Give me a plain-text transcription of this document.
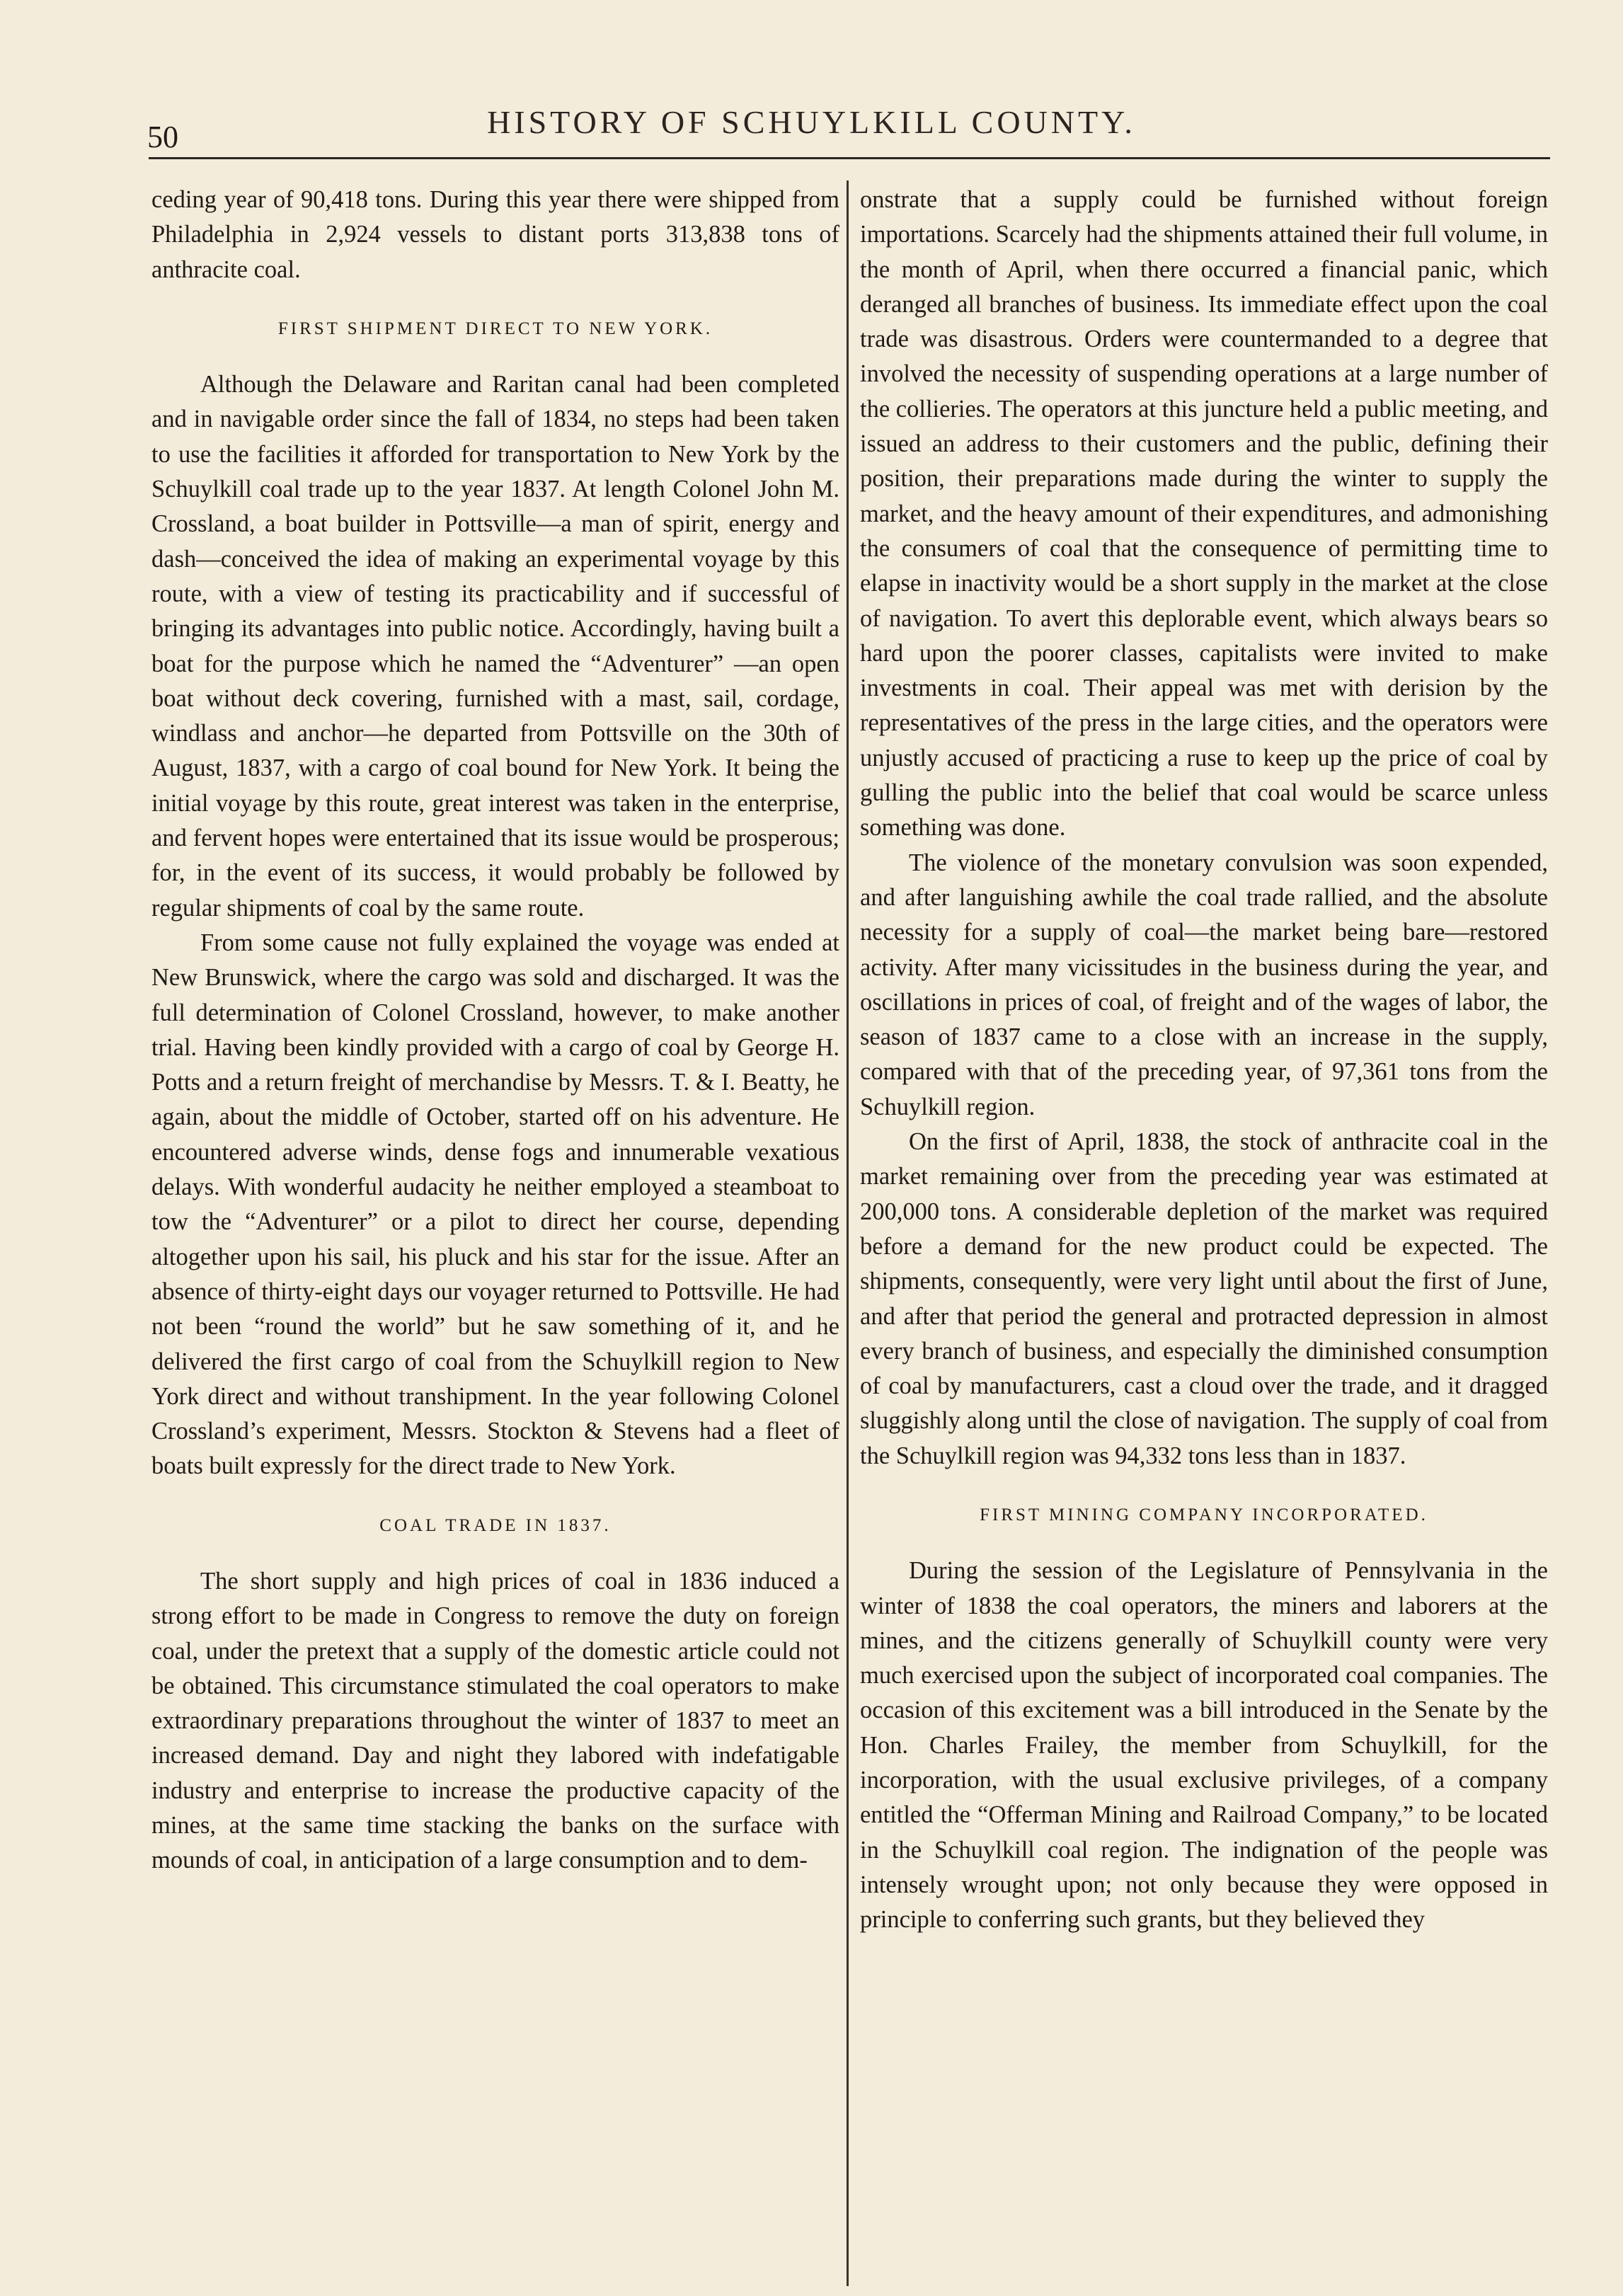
50	HISTORY OF SCHUYLKILL COUNTY.

ceding year of 90,418 tons. During this year there were shipped from Philadelphia in 2,924 vessels to distant ports 313,838 tons of anthracite coal.

FIRST SHIPMENT DIRECT TO NEW YORK.

Although the Delaware and Raritan canal had been completed and in navigable order since the fall of 1834, no steps had been taken to use the facilities it afforded for transportation to New York by the Schuylkill coal trade up to the year 1837. At length Colonel John M. Crossland, a boat builder in Pottsville—a man of spirit, energy and dash—conceived the idea of making an experimental voyage by this route, with a view of testing its practicability and if successful of bringing its advantages into public notice. Accordingly, having built a boat for the purpose which he named the “Adventurer” —an open boat without deck covering, furnished with a mast, sail, cordage, windlass and anchor—he departed from Pottsville on the 30th of August, 1837, with a cargo of coal bound for New York. It being the initial voyage by this route, great interest was taken in the enterprise, and fervent hopes were entertained that its issue would be prosperous; for, in the event of its success, it would probably be followed by regular shipments of coal by the same route.

From some cause not fully explained the voyage was ended at New Brunswick, where the cargo was sold and discharged. It was the full determination of Colonel Crossland, however, to make another trial. Having been kindly provided with a cargo of coal by George H. Potts and a return freight of merchandise by Messrs. T. & I. Beatty, he again, about the middle of October, started off on his adventure. He encountered adverse winds, dense fogs and innumerable vexatious delays. With wonderful audacity he neither employed a steamboat to tow the “Adventurer” or a pilot to direct her course, depending altogether upon his sail, his pluck and his star for the issue. After an absence of thirty-eight days our voyager returned to Pottsville. He had not been “round the world” but he saw something of it, and he delivered the first cargo of coal from the Schuylkill region to New York direct and without transhipment. In the year following Colonel Crossland’s experiment, Messrs. Stockton & Stevens had a fleet of boats built expressly for the direct trade to New York.

COAL TRADE IN 1837.

The short supply and high prices of coal in 1836 induced a strong effort to be made in Congress to remove the duty on foreign coal, under the pretext that a supply of the domestic article could not be obtained. This circumstance stimulated the coal operators to make extraordinary preparations throughout the winter of 1837 to meet an increased demand. Day and night they labored with indefatigable industry and enterprise to increase the productive capacity of the mines, at the same time stacking the banks on the surface with mounds of coal, in anticipation of a large consumption and to dem-

onstrate that a supply could be furnished without foreign importations. Scarcely had the shipments attained their full volume, in the month of April, when there occurred a financial panic, which deranged all branches of business. Its immediate effect upon the coal trade was disastrous. Orders were countermanded to a degree that involved the necessity of suspending operations at a large number of the collieries. The operators at this juncture held a public meeting, and issued an address to their customers and the public, defining their position, their preparations made during the winter to supply the market, and the heavy amount of their expenditures, and admonishing the consumers of coal that the consequence of permitting time to elapse in inactivity would be a short supply in the market at the close of navigation. To avert this deplorable event, which always bears so hard upon the poorer classes, capitalists were invited to make investments in coal. Their appeal was met with derision by the representatives of the press in the large cities, and the operators were unjustly accused of practicing a ruse to keep up the price of coal by gulling the public into the belief that coal would be scarce unless something was done.

The violence of the monetary convulsion was soon expended, and after languishing awhile the coal trade rallied, and the absolute necessity for a supply of coal—the market being bare—restored activity. After many vicissitudes in the business during the year, and oscillations in prices of coal, of freight and of the wages of labor, the season of 1837 came to a close with an increase in the supply, compared with that of the preceding year, of 97,361 tons from the Schuylkill region.

On the first of April, 1838, the stock of anthracite coal in the market remaining over from the preceding year was estimated at 200,000 tons. A considerable depletion of the market was required before a demand for the new product could be expected. The shipments, consequently, were very light until about the first of June, and after that period the general and protracted depression in almost every branch of business, and especially the diminished consumption of coal by manufacturers, cast a cloud over the trade, and it dragged sluggishly along until the close of navigation. The supply of coal from the Schuylkill region was 94,332 tons less than in 1837.

FIRST MINING COMPANY INCORPORATED.

During the session of the Legislature of Pennsylvania in the winter of 1838 the coal operators, the miners and laborers at the mines, and the citizens generally of Schuylkill county were very much exercised upon the subject of incorporated coal companies. The occasion of this excitement was a bill introduced in the Senate by the Hon. Charles Frailey, the member from Schuylkill, for the incorporation, with the usual exclusive privileges, of a company entitled the “Offerman Mining and Railroad Company,” to be located in the Schuylkill coal region. The indignation of the people was intensely wrought upon; not only because they were opposed in principle to conferring such grants, but they believed they
